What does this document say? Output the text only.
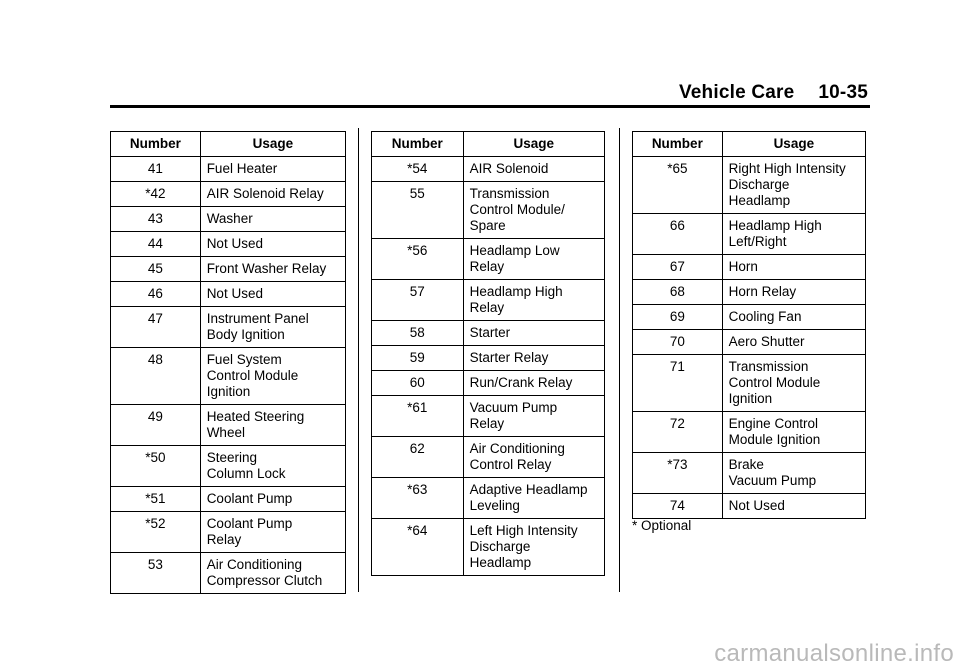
Vehicle Care 10-35
Number	Usage
41	Fuel Heater

*42	AIR Solenoid Relay

43	Washer

44	Not Used

45	Front Washer Relay

46	Not Used

47	Instrument Panel
Body Ignition

48	Fuel System
Control Module
Ignition

49	Heated Steering
Wheel

*50	Steering
Column Lock

*51	Coolant Pump

*52	Coolant Pump
Relay

53	Air Conditioning
Compressor Clutch
Number	Usage
*54	AIR Solenoid

55	Transmission
Control Module/
Spare

*56	Headlamp Low
Relay

57	Headlamp High
Relay

58	Starter

59	Starter Relay

60	Run/Crank Relay

*61	Vacuum Pump
Relay

62	Air Conditioning
Control Relay

*63	Adaptive Headlamp
Leveling

*64	Left High Intensity
Discharge
Headlamp
Number	Usage
*65	Right High Intensity
Discharge
Headlamp

66	Headlamp High
Left/Right

67	Horn

68	Horn Relay

69	Cooling Fan

70	Aero Shutter

71	Transmission
Control Module
Ignition

72	Engine Control
Module Ignition

*73	Brake
Vacuum Pump

74	Not Used
* Optional
carmanualsonline.info
